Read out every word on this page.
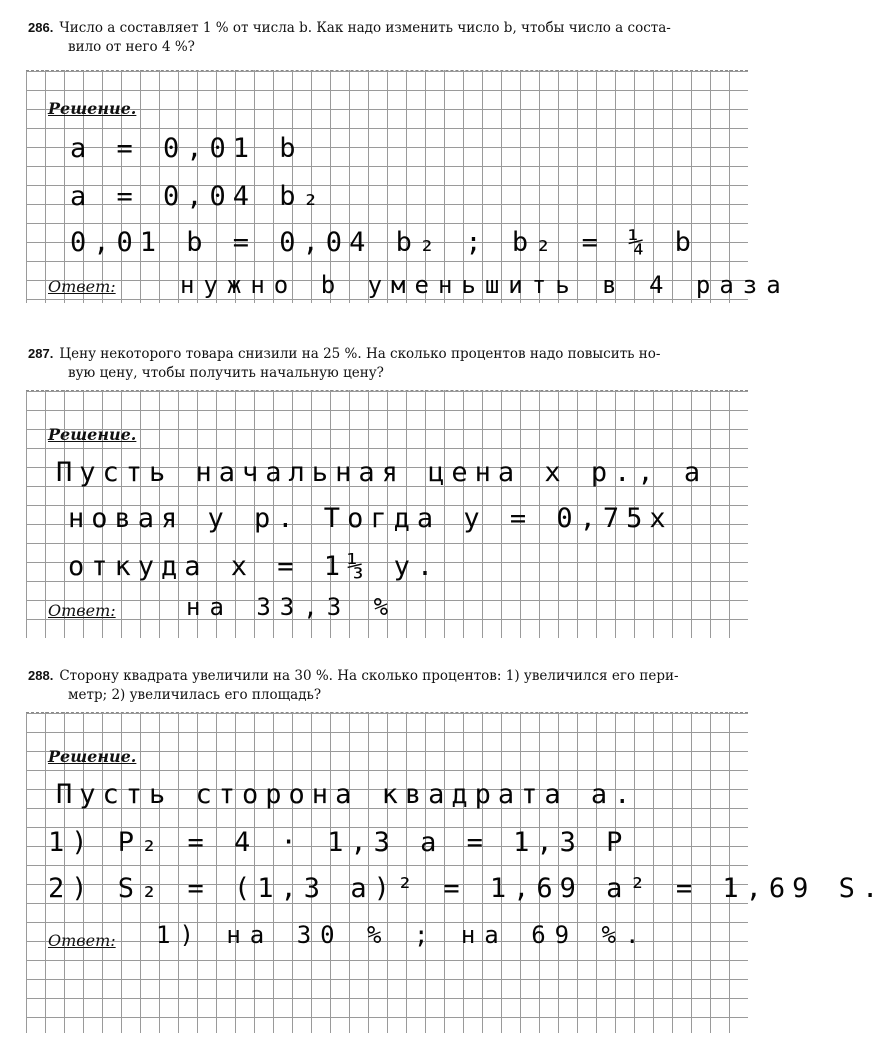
286. Число a составляет 1 % от числа b. Как надо изменить число b, чтобы число a соста-
вило от него 4 %?
Решение.
a = 0,01 b
a = 0,04 b₂
0,01 b = 0,04 b₂ ; b₂ = ¼ b
Ответ:	нужно b уменьшить в 4 раза
287. Цену некоторого товара снизили на 25 %. На сколько процентов надо повысить но-
вую цену, чтобы получить начальную цену?
Решение.
Пусть начальная цена x р., а
новая y р. Тогда y = 0,75x
откуда x = 1⅓ y.
Ответ:	на 33,3 %
288. Сторону квадрата увеличили на 30 %. На сколько процентов: 1) увеличился его пери-
метр; 2) увеличилась его площадь?
Решение.
Пусть сторона квадрата a.
1) P₂ = 4 · 1,3 a = 1,3 P
2) S₂ = (1,3 a)² = 1,69 a² = 1,69 S.
Ответ: 1) на 30 % ; на 69 %.
